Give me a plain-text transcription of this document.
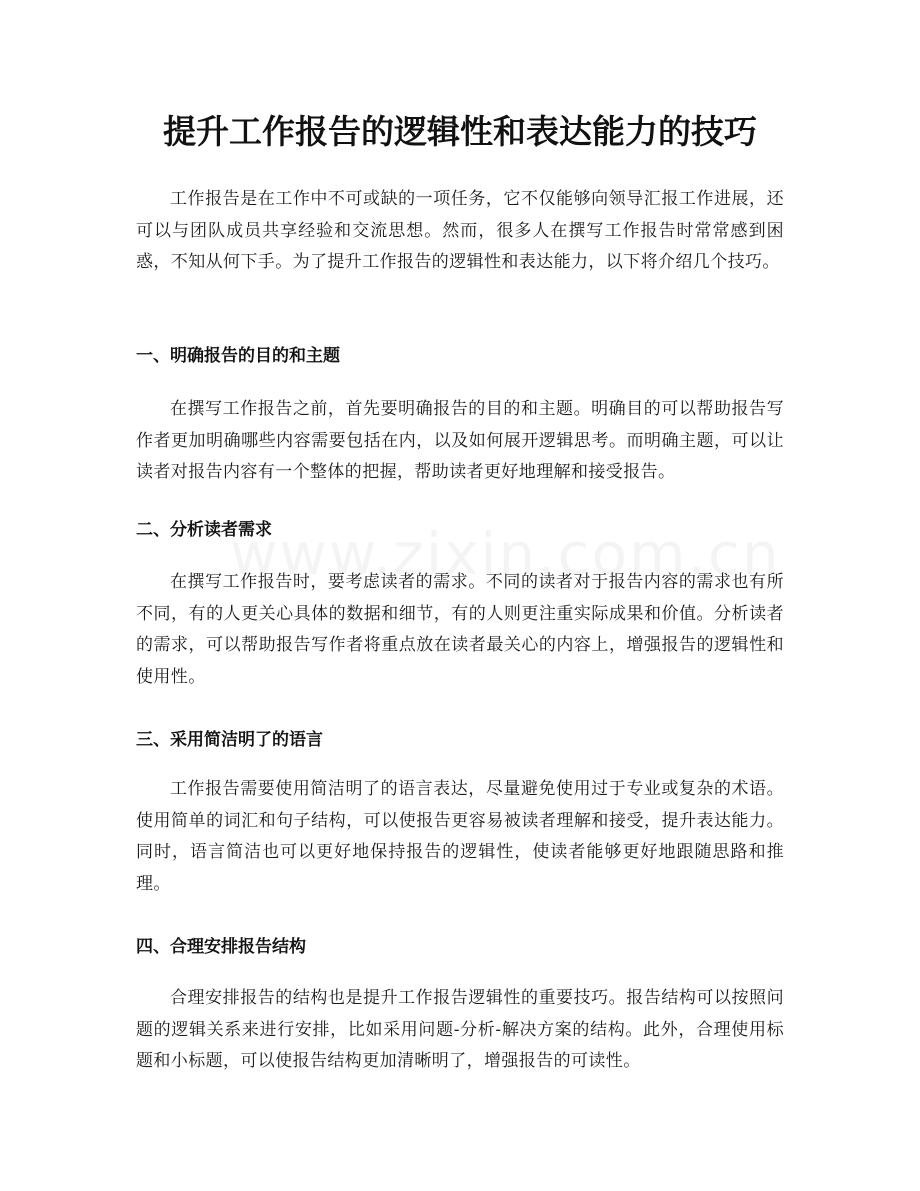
提升工作报告的逻辑性和表达能力的技巧

工作报告是在工作中不可或缺的一项任务，它不仅能够向领导汇报工作进展，还可以与团队成员共享经验和交流思想。然而，很多人在撰写工作报告时常常感到困惑，不知从何下手。为了提升工作报告的逻辑性和表达能力，以下将介绍几个技巧。

一、明确报告的目的和主题

在撰写工作报告之前，首先要明确报告的目的和主题。明确目的可以帮助报告写作者更加明确哪些内容需要包括在内，以及如何展开逻辑思考。而明确主题，可以让读者对报告内容有一个整体的把握，帮助读者更好地理解和接受报告。

二、分析读者需求

在撰写工作报告时，要考虑读者的需求。不同的读者对于报告内容的需求也有所不同，有的人更关心具体的数据和细节，有的人则更注重实际成果和价值。分析读者的需求，可以帮助报告写作者将重点放在读者最关心的内容上，增强报告的逻辑性和使用性。

三、采用简洁明了的语言

工作报告需要使用简洁明了的语言表达，尽量避免使用过于专业或复杂的术语。使用简单的词汇和句子结构，可以使报告更容易被读者理解和接受，提升表达能力。同时，语言简洁也可以更好地保持报告的逻辑性，使读者能够更好地跟随思路和推理。

四、合理安排报告结构

合理安排报告的结构也是提升工作报告逻辑性的重要技巧。报告结构可以按照问题的逻辑关系来进行安排，比如采用问题-分析-解决方案的结构。此外，合理使用标题和小标题，可以使报告结构更加清晰明了，增强报告的可读性。
